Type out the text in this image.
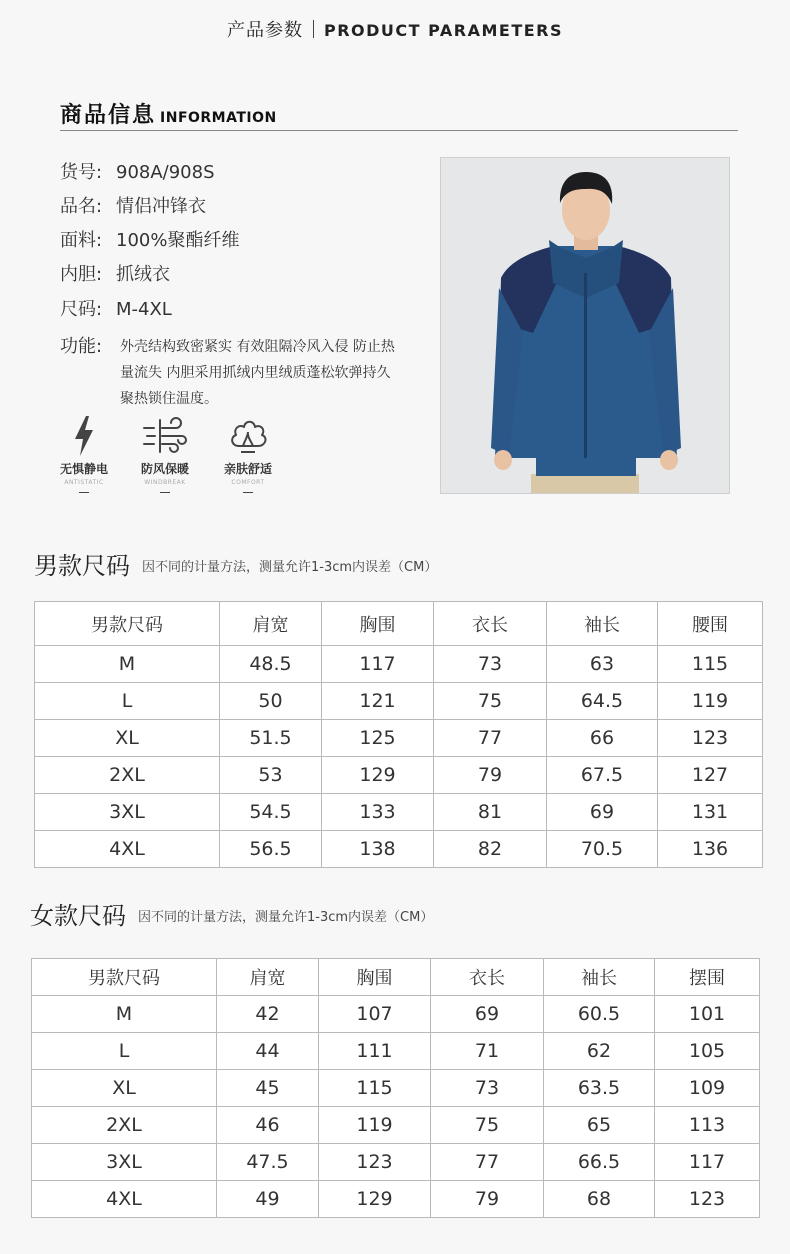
产品参数 PRODUCT PARAMETERS
商品信息 INFORMATION
货号: 908A/908S
品名: 情侣冲锋衣
面料: 100%聚酯纤维
内胆: 抓绒衣
尺码: M-4XL
功能: 外壳结构致密紧实 有效阻隔冷风入侵 防止热量流失 内胆采用抓绒内里绒质蓬松软弹持久聚热锁住温度。
无惧静电
ANTISTATIC
防风保暖
WINDBREAK
亲肤舒适
COMFORT
男款尺码 因不同的计量方法，测量允许1-3cm内误差（CM）
男款尺码	肩宽	胸围	衣长	袖长	腰围
M	48.5	117	73	63	115
L	50	121	75	64.5	119
XL	51.5	125	77	66	123
2XL	53	129	79	67.5	127
3XL	54.5	133	81	69	131
4XL	56.5	138	82	70.5	136
女款尺码 因不同的计量方法，测量允许1-3cm内误差（CM）
男款尺码	肩宽	胸围	衣长	袖长	摆围
M	42	107	69	60.5	101
L	44	111	71	62	105
XL	45	115	73	63.5	109
2XL	46	119	75	65	113
3XL	47.5	123	77	66.5	117
4XL	49	129	79	68	123
